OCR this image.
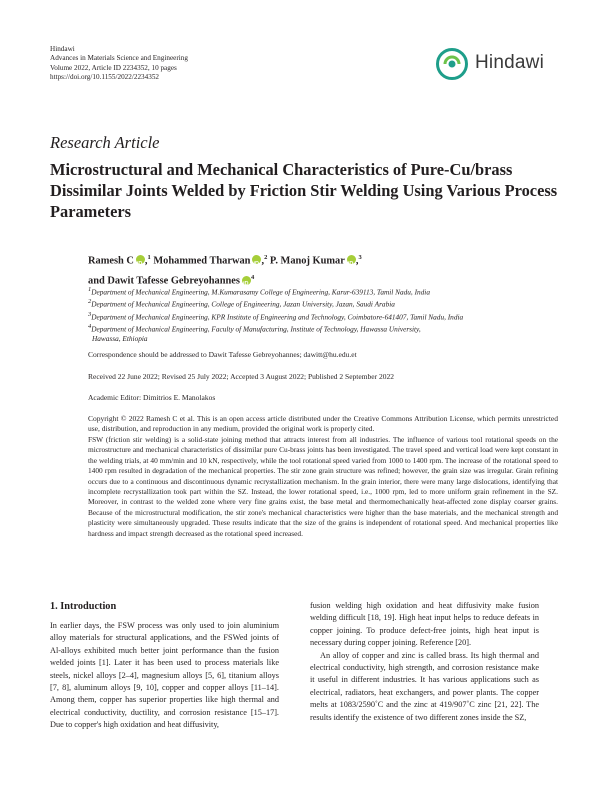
Hindawi
Advances in Materials Science and Engineering
Volume 2022, Article ID 2234352, 10 pages
https://doi.org/10.1155/2022/2234352
Hindawi
Research Article
Microstructural and Mechanical Characteristics of Pure-Cu/brass Dissimilar Joints Welded by Friction Stir Welding Using Various Process Parameters
Ramesh C iD ,$^1$ Mohammed Tharwan iD ,$^2$ P. Manoj Kumar iD ,$^3$
and Dawit Tafesse Gebreyohannes iD $^4$
$^1$Department of Mechanical Engineering, M.Kumarasamy College of Engineering, Karur-639113, Tamil Nadu, India
$^2$Department of Mechanical Engineering, College of Engineering, Jazan University, Jazan, Saudi Arabia
$^3$Department of Mechanical Engineering, KPR Institute of Engineering and Technology, Coimbatore-641407, Tamil Nadu, India
$^4$Department of Mechanical Engineering, Faculty of Manufacturing, Institute of Technology, Hawassa University,
Hawassa, Ethiopia
Correspondence should be addressed to Dawit Tafesse Gebreyohannes; dawitt@hu.edu.et
Received 22 June 2022; Revised 25 July 2022; Accepted 3 August 2022; Published 2 September 2022
Academic Editor: Dimitrios E. Manolakos
Copyright © 2022 Ramesh C et al. This is an open access article distributed under the Creative Commons Attribution License, which permits unrestricted use, distribution, and reproduction in any medium, provided the original work is properly cited.
FSW (friction stir welding) is a solid-state joining method that attracts interest from all industries. The influence of various tool rotational speeds on the microstructure and mechanical characteristics of dissimilar pure Cu-brass joints has been investigated. The travel speed and vertical load were kept constant in the welding trials, at 40 mm/min and 10 kN, respectively, while the tool rotational speed varied from 1000 to 1400 rpm. The increase of the rotational speed to 1400 rpm resulted in degradation of the mechanical properties. The stir zone grain structure was refined; however, the grain size was irregular. Grain refining occurs due to a continuous and discontinuous dynamic recrystallization mechanism. In the grain interior, there were many large dislocations, identifying that incomplete recrystallization took part within the SZ. Instead, the lower rotational speed, i.e., 1000 rpm, led to more uniform grain refinement in the SZ. Moreover, in contrast to the welded zone where very fine grains exist, the base metal and thermomechanically heat-affected zone display coarser grains. Because of the microstructural modification, the stir zone's mechanical characteristics were higher than the base materials, and the mechanical strength and plasticity were simultaneously upgraded. These results indicate that the size of the grains is independent of rotational speed. And mechanical properties like hardness and impact strength decreased as the rotational speed increased.
1. Introduction

In earlier days, the FSW process was only used to join aluminium alloy materials for structural applications, and the FSWed joints of Al-alloys exhibited much better joint performance than the fusion welded joints [1]. Later it has been used to process materials like steels, nickel alloys [2–4], magnesium alloys [5, 6], titanium alloys [7, 8], aluminum alloys [9, 10], copper and copper alloys [11–14]. Among them, copper has superior properties like high thermal and electrical conductivity, ductility, and corrosion resistance [15–17]. Due to copper's high oxidation and heat diffusivity,

fusion welding high oxidation and heat diffusivity make fusion welding difficult [18, 19]. High heat input helps to reduce defeats in copper joining. To produce defect-free joints, high heat input is necessary during copper joining. Reference [20].

An alloy of copper and zinc is called brass. Its high thermal and electrical conductivity, high strength, and corrosion resistance make it useful in different industries. It has various applications such as electrical, radiators, heat exchangers, and power plants. The copper melts at 1083/2590˚C and the zinc at 419/907˚C zinc [21, 22]. The results identify the existence of two different zones inside the SZ,
